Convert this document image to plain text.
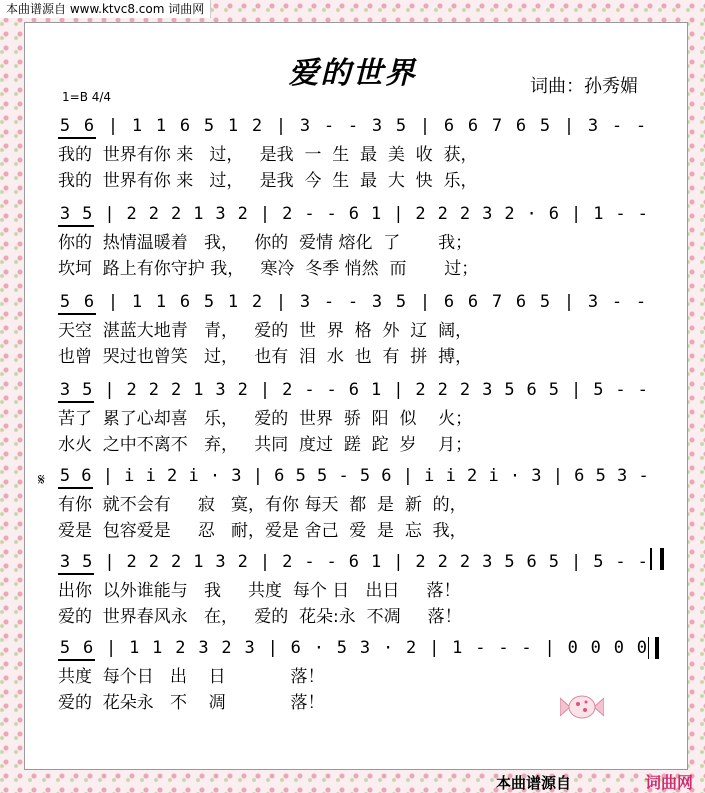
本曲谱源自 www.ktvc8.com 词曲网
爱的世界	词曲：孙秀媚
1=B 4/4
𝄋
5 6 | 1 1 6 5 1 2 | 3 - - 3 5 | 6 6 7 6 5 | 3 - -
我的  世界有你 来   过，   是我  一  生  最  美  收  获，
我的  世界有你 来   过，   是我  今  生  最  大  快  乐，
3 5 | 2 2 2 1 3 2 | 2 - - 6 1 | 2 2 2 3 2 · 6 | 1 - -
你的  热情温暖着   我，   你的  爱情 熔化  了       我；
坎坷  路上有你守护 我，   寒冷  冬季 悄然  而       过；
5 6 | 1 1 6 5 1 2 | 3 - - 3 5 | 6 6 7 6 5 | 3 - -
天空  湛蓝大地青   青，   爱的  世  界  格  外  辽  阔，
也曾  哭过也曾笑   过，   也有  泪  水  也  有  拼  搏，
3 5 | 2 2 2 1 3 2 | 2 - - 6 1 | 2 2 2 3 5 6 5 | 5 - -
苦了  累了心却喜   乐，   爱的  世界  骄  阳  似    火；
水火  之中不离不   弃，   共同  度过  蹉  跎  岁    月；
5 6 | i i 2 i · 3 | 6 5 5 - 5 6 | i i 2 i · 3 | 6 5 3 -
有你  就不会有     寂   寞，有你 每天  都  是  新  的，
爱是  包容爱是     忍   耐，爱是 舍己  爱  是  忘  我，
3 5 | 2 2 2 1 3 2 | 2 - - 6 1 | 2 2 2 3 5 6 5 | 5 - -
出你  以外谁能与   我     共度  每个 日   出日     落！
爱的  世界春风永   在，   爱的  花朵:永  不凋     落！
5 6 | 1 1 2 3 2 3 | 6 · 5 3 · 2 | 1 - - - | 0 0 0 0
共度  每个日   出    日            落！
爱的  花朵永   不    凋            落！
本曲谱源自	词曲网
